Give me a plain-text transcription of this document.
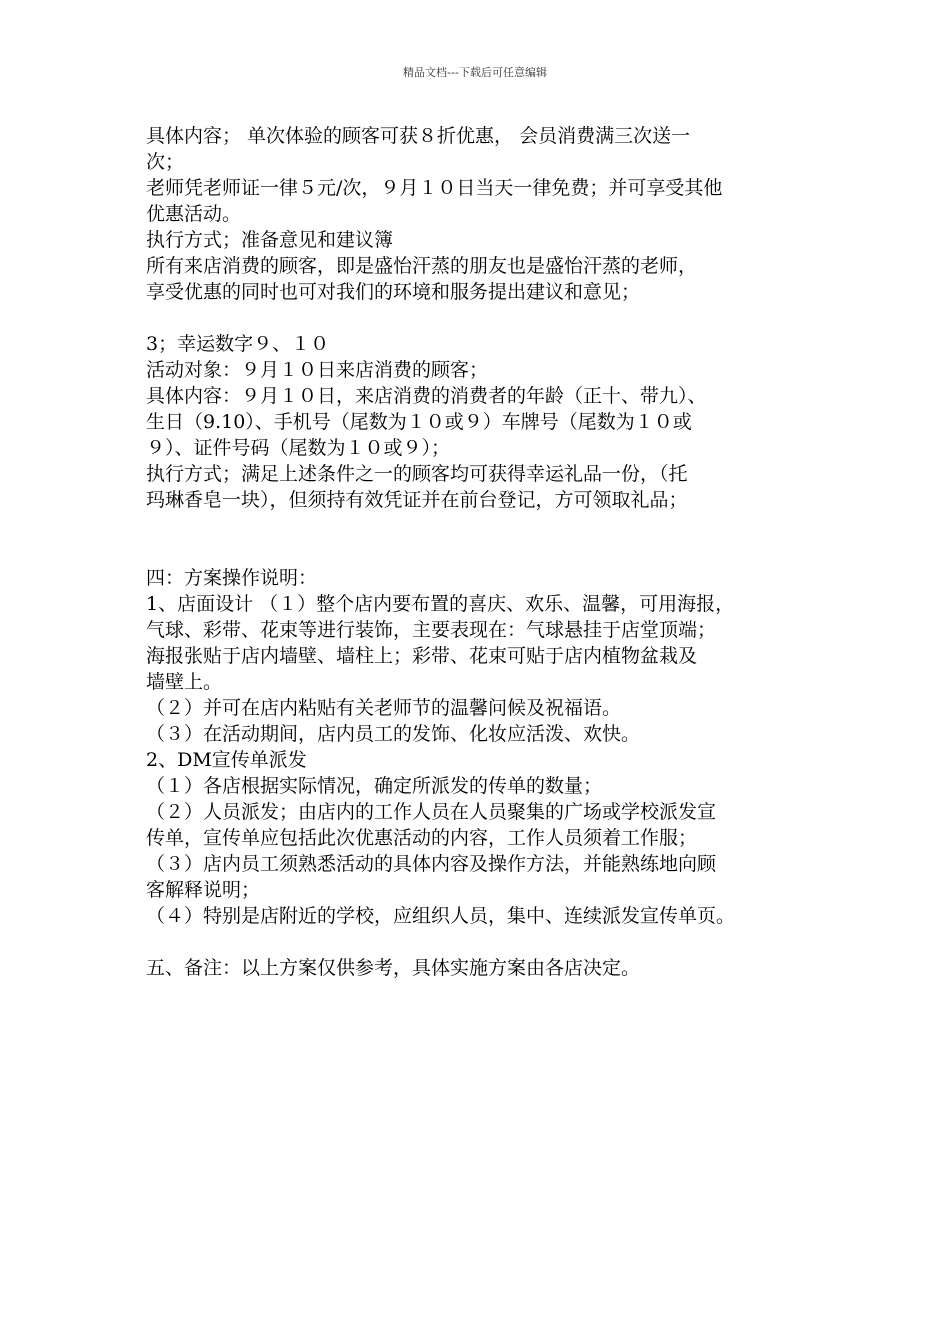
精品文档---下载后可任意编辑
具体内容； 单次体验的顾客可获８折优惠， 会员消费满三次送一
次；
老师凭老师证一律５元/次，９月１０日当天一律免费；并可享受其他
优惠活动。
执行方式；准备意见和建议簿
所有来店消费的顾客，即是盛怡汗蒸的朋友也是盛怡汗蒸的老师，
享受优惠的同时也可对我们的环境和服务提出建议和意见；
3；幸运数字９、１０
活动对象：９月１０日来店消费的顾客；
具体内容：９月１０日，来店消费的消费者的年龄（正十、带九）、
生日（9.10）、手机号（尾数为１０或９）车牌号（尾数为１０或
９）、证件号码（尾数为１０或９）；
执行方式；满足上述条件之一的顾客均可获得幸运礼品一份，（托
玛琳香皂一块），但须持有效凭证并在前台登记，方可领取礼品；
四：方案操作说明：
1、店面设计 （１）整个店内要布置的喜庆、欢乐、温馨，可用海报，
气球、彩带、花束等进行装饰，主要表现在：气球悬挂于店堂顶端；
海报张贴于店内墙壁、墙柱上；彩带、花束可贴于店内植物盆栽及
墙壁上。
（２）并可在店内粘贴有关老师节的温馨问候及祝福语。
（３）在活动期间，店内员工的发饰、化妆应活泼、欢快。
2、DM宣传单派发
（１）各店根据实际情况，确定所派发的传单的数量；
（２）人员派发；由店内的工作人员在人员聚集的广场或学校派发宣
传单，宣传单应包括此次优惠活动的内容，工作人员须着工作服；
（３）店内员工须熟悉活动的具体内容及操作方法，并能熟练地向顾
客解释说明；
（４）特别是店附近的学校，应组织人员，集中、连续派发宣传单页。
五、备注：以上方案仅供参考，具体实施方案由各店决定。
